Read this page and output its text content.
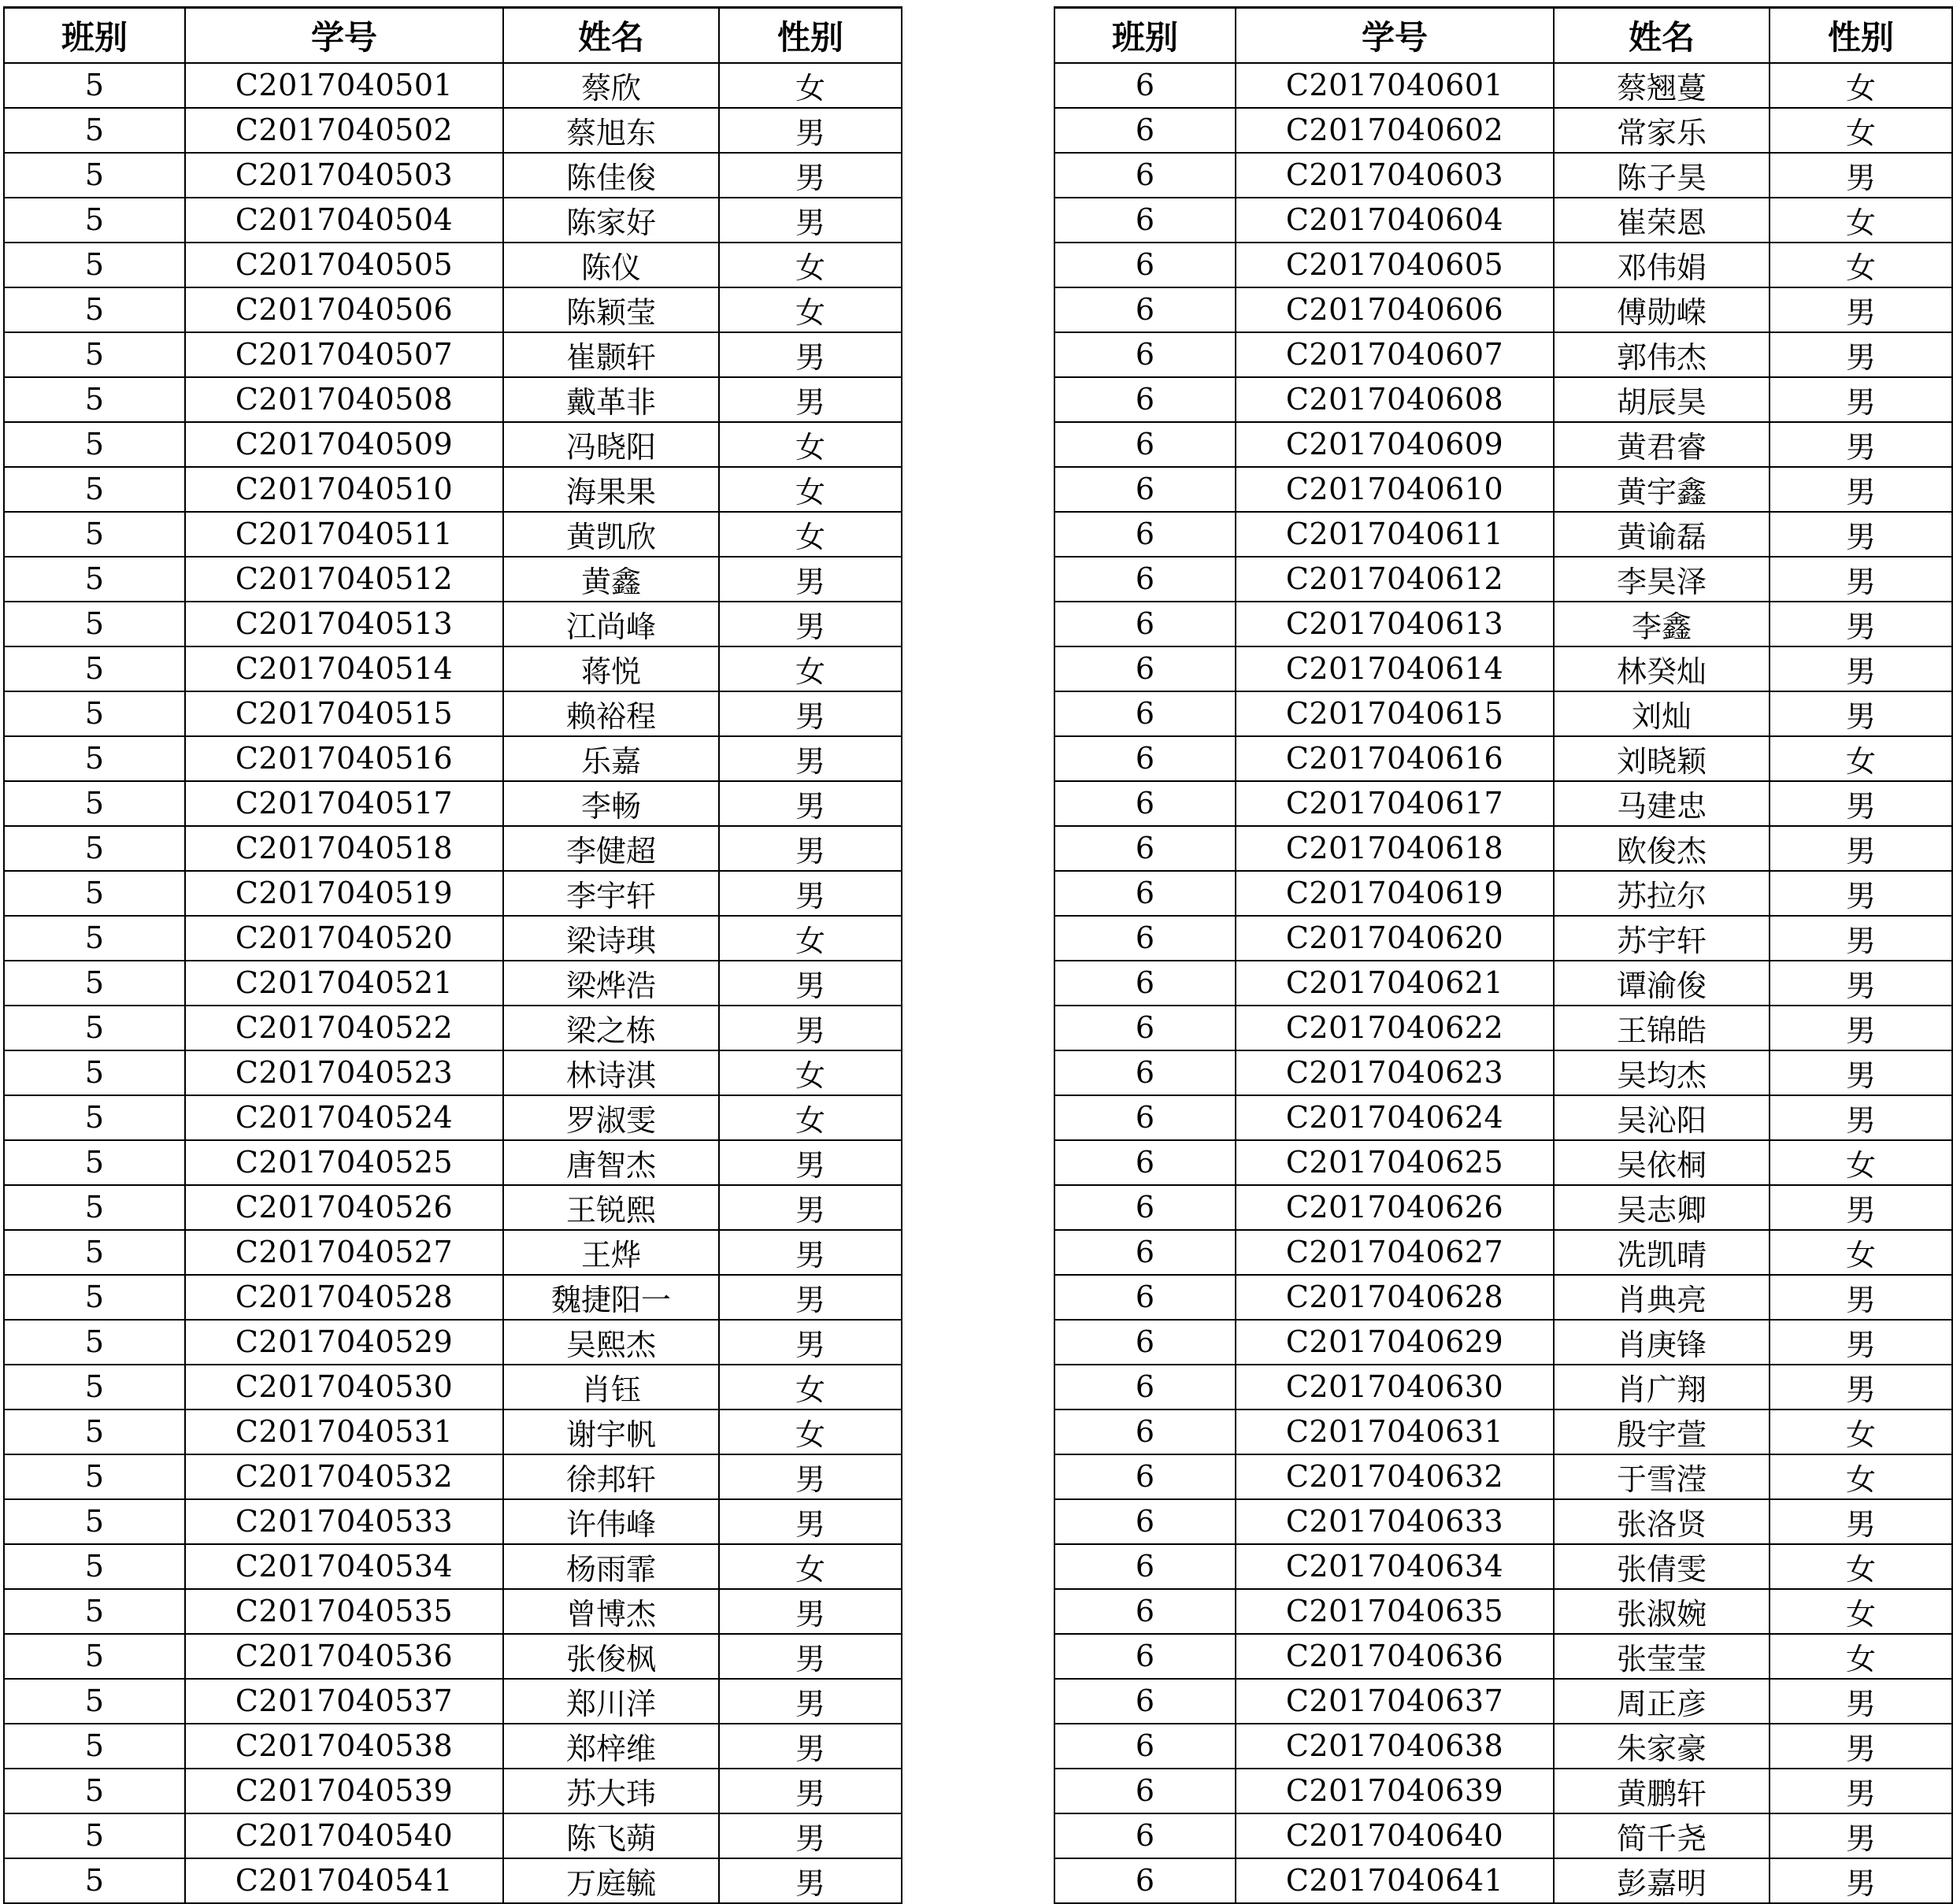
班别	学号	姓名	性别
5	C2017040501	蔡欣	女
5	C2017040502	蔡旭东	男
5	C2017040503	陈佳俊	男
5	C2017040504	陈家好	男
5	C2017040505	陈仪	女
5	C2017040506	陈颖莹	女
5	C2017040507	崔颢轩	男
5	C2017040508	戴革非	男
5	C2017040509	冯晓阳	女
5	C2017040510	海果果	女
5	C2017040511	黄凯欣	女
5	C2017040512	黄鑫	男
5	C2017040513	江尚峰	男
5	C2017040514	蒋悦	女
5	C2017040515	赖裕程	男
5	C2017040516	乐嘉	男
5	C2017040517	李畅	男
5	C2017040518	李健超	男
5	C2017040519	李宇轩	男
5	C2017040520	梁诗琪	女
5	C2017040521	梁烨浩	男
5	C2017040522	梁之栋	男
5	C2017040523	林诗淇	女
5	C2017040524	罗淑雯	女
5	C2017040525	唐智杰	男
5	C2017040526	王锐熙	男
5	C2017040527	王烨	男
5	C2017040528	魏捷阳一	男
5	C2017040529	吴熙杰	男
5	C2017040530	肖钰	女
5	C2017040531	谢宇帆	女
5	C2017040532	徐邦轩	男
5	C2017040533	许伟峰	男
5	C2017040534	杨雨霏	女
5	C2017040535	曾博杰	男
5	C2017040536	张俊枫	男
5	C2017040537	郑川洋	男
5	C2017040538	郑梓维	男
5	C2017040539	苏大玮	男
5	C2017040540	陈飞蒴	男
5	C2017040541	万庭毓	男
班别	学号	姓名	性别
6	C2017040601	蔡翘蔓	女
6	C2017040602	常家乐	女
6	C2017040603	陈子昊	男
6	C2017040604	崔荣恩	女
6	C2017040605	邓伟娟	女
6	C2017040606	傅勋嵘	男
6	C2017040607	郭伟杰	男
6	C2017040608	胡辰昊	男
6	C2017040609	黄君睿	男
6	C2017040610	黄宇鑫	男
6	C2017040611	黄谕磊	男
6	C2017040612	李昊泽	男
6	C2017040613	李鑫	男
6	C2017040614	林癸灿	男
6	C2017040615	刘灿	男
6	C2017040616	刘晓颖	女
6	C2017040617	马建忠	男
6	C2017040618	欧俊杰	男
6	C2017040619	苏拉尔	男
6	C2017040620	苏宇轩	男
6	C2017040621	谭渝俊	男
6	C2017040622	王锦皓	男
6	C2017040623	吴均杰	男
6	C2017040624	吴沁阳	男
6	C2017040625	吴依桐	女
6	C2017040626	吴志卿	男
6	C2017040627	冼凯晴	女
6	C2017040628	肖典亮	男
6	C2017040629	肖庚锋	男
6	C2017040630	肖广翔	男
6	C2017040631	殷宇萱	女
6	C2017040632	于雪滢	女
6	C2017040633	张洛贤	男
6	C2017040634	张倩雯	女
6	C2017040635	张淑婉	女
6	C2017040636	张莹莹	女
6	C2017040637	周正彦	男
6	C2017040638	朱家豪	男
6	C2017040639	黄鹏轩	男
6	C2017040640	简千尧	男
6	C2017040641	彭嘉明	男
